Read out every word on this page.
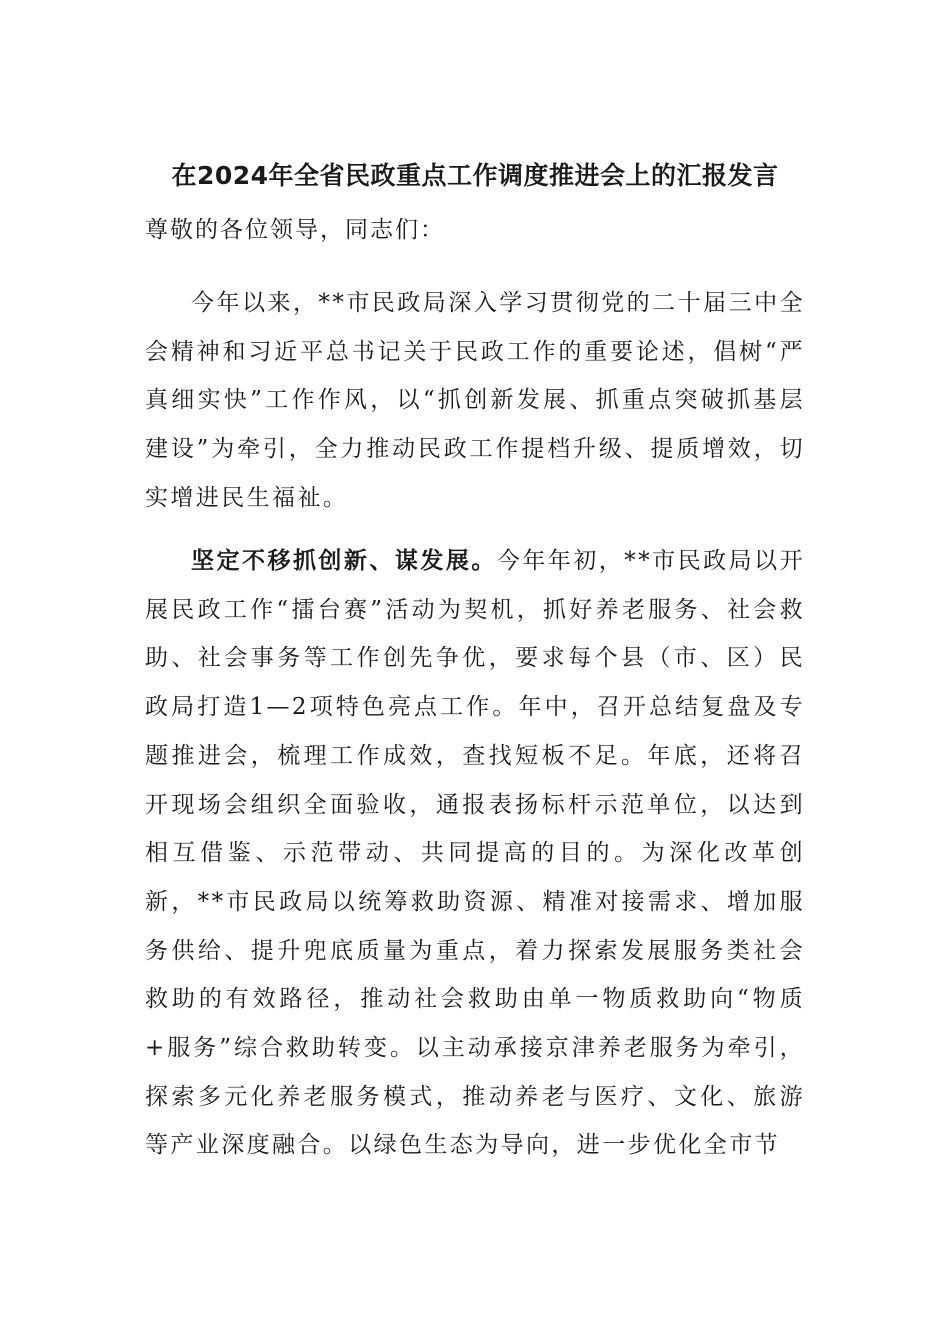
在2024年全省民政重点工作调度推进会上的汇报发言

尊敬的各位领导，同志们：

今年以来，**市民政局深入学习贯彻党的二十届三中全会精神和习近平总书记关于民政工作的重要论述，倡树“严真细实快”工作作风，以“抓创新发展、抓重点突破抓基层建设”为牵引，全力推动民政工作提档升级、提质增效，切实增进民生福祉。

坚定不移抓创新、谋发展。今年年初，**市民政局以开展民政工作“擂台赛”活动为契机，抓好养老服务、社会救助、社会事务等工作创先争优，要求每个县（市、区）民政局打造1—2项特色亮点工作。年中，召开总结复盘及专题推进会，梳理工作成效，查找短板不足。年底，还将召开现场会组织全面验收，通报表扬标杆示范单位，以达到相互借鉴、示范带动、共同提高的目的。为深化改革创新，**市民政局以统筹救助资源、精准对接需求、增加服务供给、提升兜底质量为重点，着力探索发展服务类社会救助的有效路径，推动社会救助由单一物质救助向“物质+服务”综合救助转变。以主动承接京津养老服务为牵引，探索多元化养老服务模式，推动养老与医疗、文化、旅游等产业深度融合。以绿色生态为导向，进一步优化全市节
